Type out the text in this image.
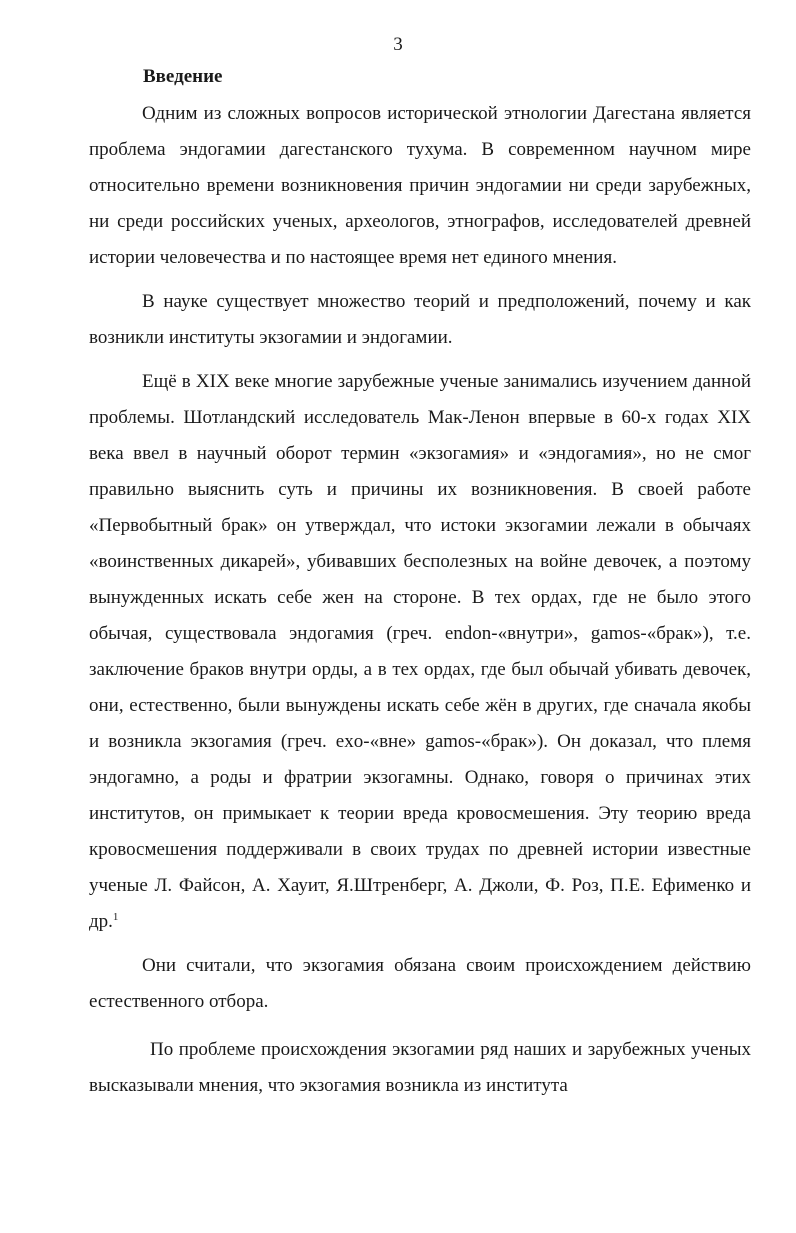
3
Введение

Одним из сложных вопросов исторической этнологии Дагестана является проблема эндогамии дагестанского тухума. В современном научном мире относительно времени возникновения причин эндогамии ни среди зарубежных, ни среди российских ученых, археологов, этнографов, исследователей древней истории человечества и по настоящее время нет единого мнения.

В науке существует множество теорий и предположений, почему и как возникли институты экзогамии и эндогамии.

Ещё в XIX веке многие зарубежные ученые занимались изучением данной проблемы. Шотландский исследователь Мак-Ленон впервые в 60-х годах XIX века ввел в научный оборот термин «экзогамия» и «эндогамия», но не смог правильно выяснить суть и причины их возникновения. В своей работе «Первобытный брак» он утверждал, что истоки экзогамии лежали в обычаях «воинственных дикарей», убивавших бесполезных на войне девочек, а поэтому вынужденных искать себе жен на стороне. В тех ордах, где не было этого обычая, существовала эндогамия (греч. endon-«внутри», gamos-«брак»), т.е. заключение браков внутри орды, а в тех ордах, где был обычай убивать девочек, они, естественно, были вынуждены искать себе жён в других, где сначала якобы и возникла экзогамия (греч. exo-«вне» gamos-«брак»). Он доказал, что племя эндогамно, а роды и фратрии экзогамны. Однако, говоря о причинах этих институтов, он примыкает к теории вреда кровосмешения. Эту теорию вреда кровосмешения поддерживали в своих трудах по древней истории известные ученые Л. Файсон, А. Хауит, Я.Штренберг, А. Джоли, Ф. Роз, П.Е. Ефименко и др.$^1$

Они считали, что экзогамия обязана своим происхождением действию естественного отбора.

По проблеме происхождения экзогамии ряд наших и зарубежных ученых высказывали мнения, что экзогамия возникла из института
